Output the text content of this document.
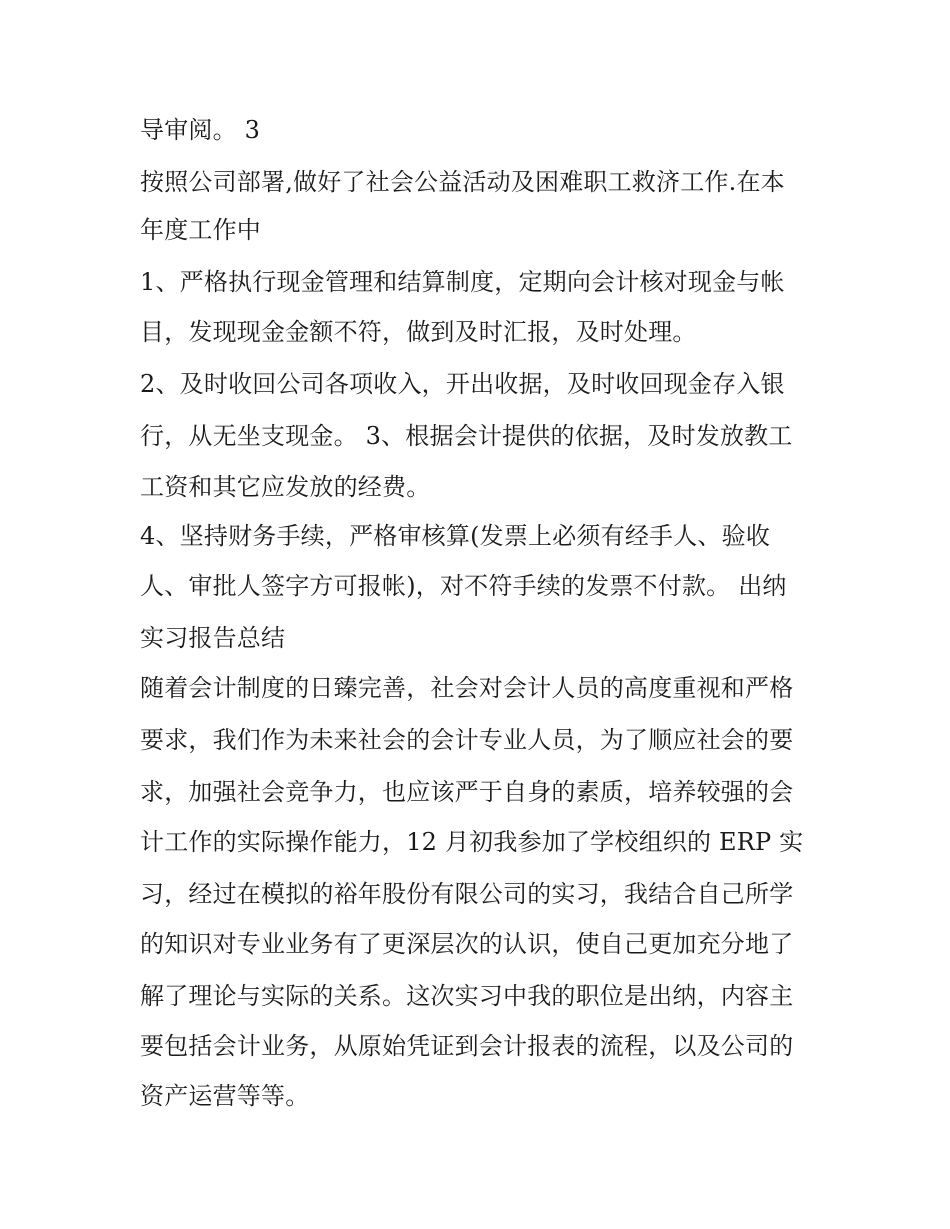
导审阅。 3
按照公司部署,做好了社会公益活动及困难职工救济工作.在本
年度工作中
1、严格执行现金管理和结算制度，定期向会计核对现金与帐
目，发现现金金额不符，做到及时汇报，及时处理。
2、及时收回公司各项收入，开出收据，及时收回现金存入银
行，从无坐支现金。 3、根据会计提供的依据，及时发放教工
工资和其它应发放的经费。
4、坚持财务手续，严格审核算(发票上必须有经手人、验收
人、审批人签字方可报帐)，对不符手续的发票不付款。 出纳
实习报告总结
随着会计制度的日臻完善，社会对会计人员的高度重视和严格
要求，我们作为未来社会的会计专业人员，为了顺应社会的要
求，加强社会竞争力，也应该严于自身的素质，培养较强的会
计工作的实际操作能力，12 月初我参加了学校组织的 ERP 实
习，经过在模拟的裕年股份有限公司的实习，我结合自己所学
的知识对专业业务有了更深层次的认识，使自己更加充分地了
解了理论与实际的关系。这次实习中我的职位是出纳，内容主
要包括会计业务，从原始凭证到会计报表的流程，以及公司的
资产运营等等。
